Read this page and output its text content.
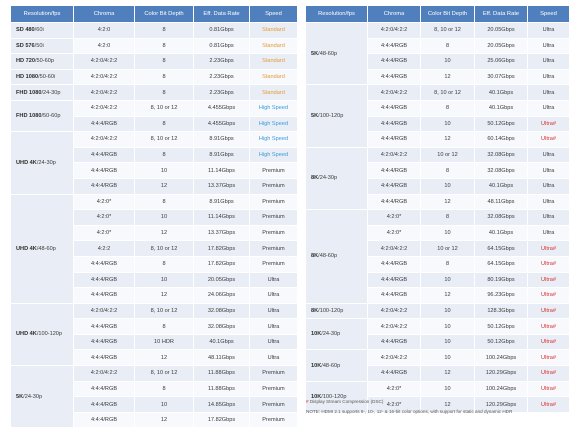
Resolution/fps	Chroma	Color Bit Depth	Eff. Data Rate	Speed
SD 480/60i	4:2:0	8	0.81Gbps	Standard
SD 576/50i	4:2:0	8	0.81Gbps	Standard
HD 720/50-60p	4:2:0/4:2:2	8	2.23Gbps	Standard
HD 1080/50-60i	4:2:0/4:2:2	8	2.23Gbps	Standard
FHD 1080/24-30p	4:2:0/4:2:2	8	2.23Gbps	Standard
FHD 1080/50-60p	4:2:0/4:2:2	8, 10 or 12	4.455Gbps	High Speed
	4:4:4/RGB	8	4.455Gbps	High Speed
UHD 4K/24-30p	4:2:0/4:2:2	8, 10 or 12	8.91Gbps	High Speed
	4:4:4/RGB	8	8.91Gbps	High Speed
	4:4:4/RGB	10	11.14Gbps	Premium
	4:4:4/RGB	12	13.37Gbps	Premium
UHD 4K/48-60p	4:2:0*	8	8.91Gbps	Premium
	4:2:0*	10	11.14Gbps	Premium
	4:2:0*	12	13.37Gbps	Premium
	4:2:2	8, 10 or 12	17.82Gbps	Premium
	4:4:4/RGB	8	17.82Gbps	Premium
	4:4:4/RGB	10	20.05Gbps	Ultra
	4:4:4/RGB	12	24.06Gbps	Ultra
UHD 4K/100-120p	4:2:0/4:2:2	8, 10 or 12	32.08Gbps	Ultra
	4:4:4/RGB	8	32.08Gbps	Ultra
	4:4:4/RGB	10 HDR	40.1Gbps	Ultra
	4:4:4/RGB	12	48.11Gbps	Ultra
5K/24-30p	4:2:0/4:2:2	8, 10 or 12	11.88Gbps	Premium
	4:4:4/RGB	8	11.88Gbps	Premium
	4:4:4/RGB	10	14.85Gbps	Premium
	4:4:4/RGB	12	17.82Gbps	Premium
Resolution/fps	Chroma	Color Bit Depth	Eff. Data Rate	Speed
5K/48-60p	4:2:0/4:2:2	8, 10 or 12	20.05Gbps	Ultra
	4:4:4/RGB	8	20.05Gbps	Ultra
	4:4:4/RGB	10	25.06Gbps	Ultra
	4:4:4/RGB	12	30.07Gbps	Ultra
5K/100-120p	4:2:0/4:2:2	8, 10 or 12	40.1Gbps	Ultra
	4:4:4/RGB	8	40.1Gbps	Ultra
	4:4:4/RGB	10	50.12Gbps	Ultra#
	4:4:4/RGB	12	60.14Gbps	Ultra#
8K/24-30p	4:2:0/4:2:2	10 or 12	32.08Gbps	Ultra
	4:4:4/RGB	8	32.08Gbps	Ultra
	4:4:4/RGB	10	40.1Gbps	Ultra
	4:4:4/RGB	12	48.11Gbps	Ultra
8K/48-60p	4:2:0*	8	32.08Gbps	Ultra
	4:2:0*	10	40.1Gbps	Ultra
	4:2:0/4:2:2	10 or 12	64.15Gbps	Ultra#
	4:4:4/RGB	8	64.15Gbps	Ultra#
	4:4:4/RGB	10	80.19Gbps	Ultra#
	4:4:4/RGB	12	96.23Gbps	Ultra#
8K/100-120p	4:2:0/4:2:2	10	128.3Gbps	Ultra#
10K/24-30p	4:2:0/4:2:2	10	50.12Gbps	Ultra#
	4:4:4/RGB	10	50.12Gbps	Ultra#
10K/48-60p	4:2:0/4:2:2	10	100.24Gbps	Ultra#
	4:4:4/RGB	12	120.29Gbps	Ultra#
10K/100-120p	4:2:0*	10	100.24Gbps	Ultra#
	4:2:0*	12	120.29Gbps	Ultra#
# Display Stream Compression (DSC)
NOTE: HDMI 2.1 supports 8-, 10-, 12- & 16-bit color options, with support for static and dynamic HDR
